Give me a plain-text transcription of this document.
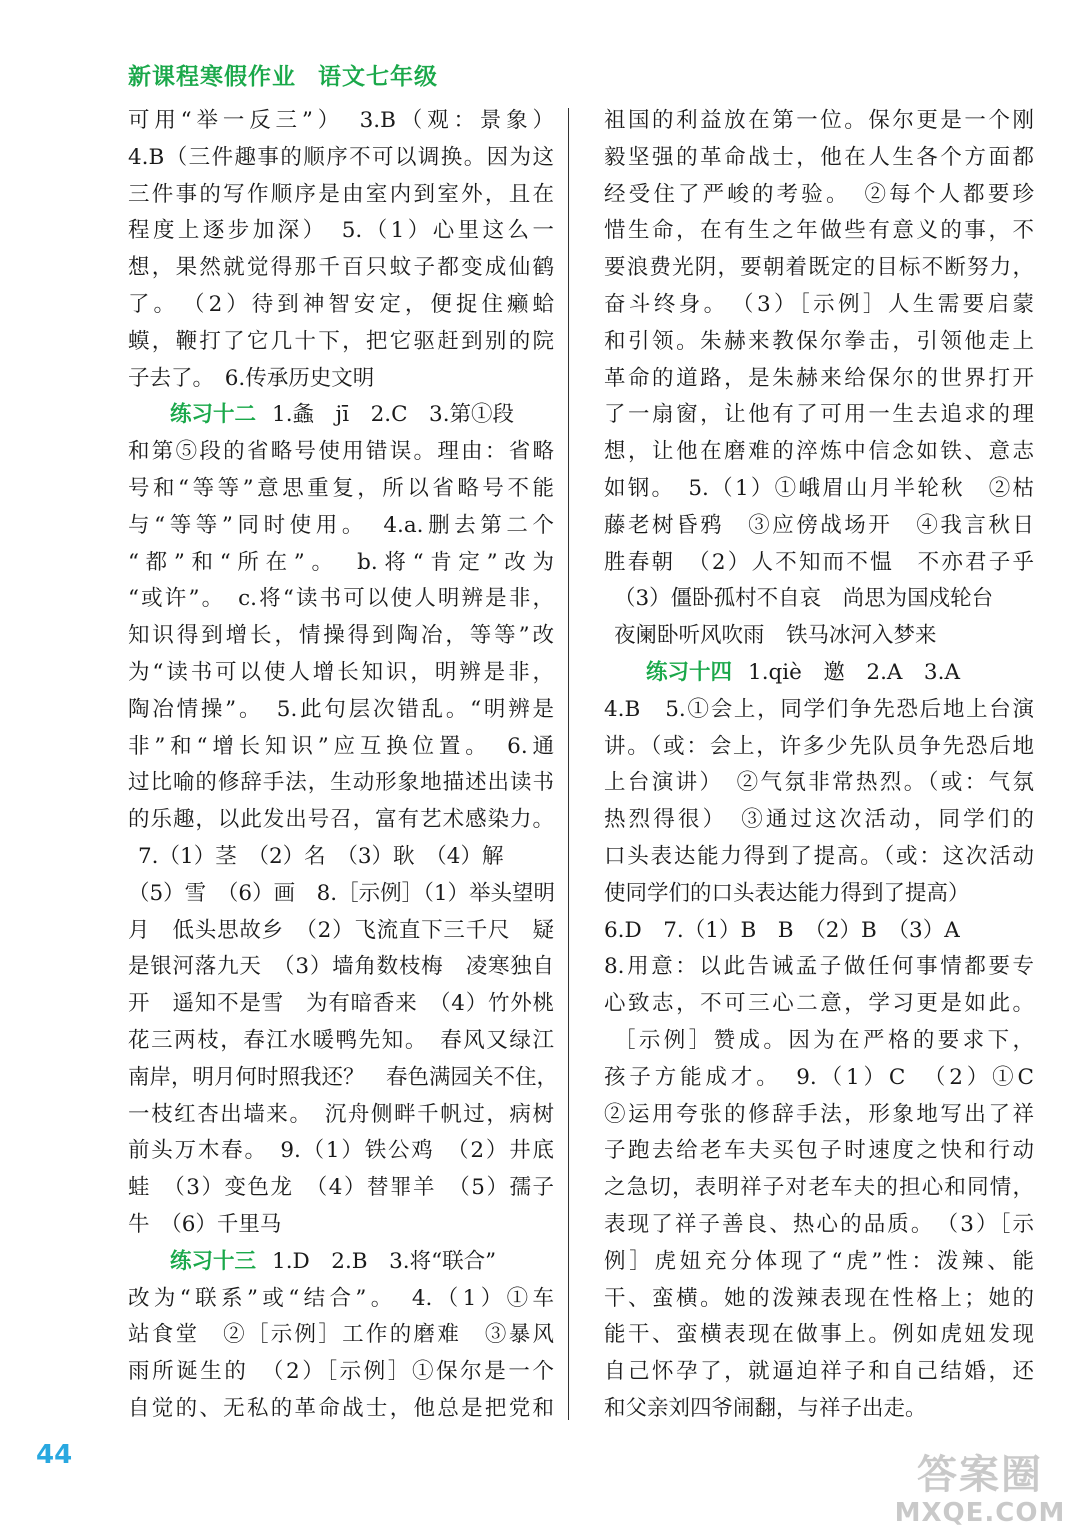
新课程寒假作业 语文七年级
可用“举一反三”）　3.B（观：景象）
4.B（三件趣事的顺序不可以调换。因为这
三件事的写作顺序是由室内到室外，且在
程度上逐步加深）　5.（1）心里这么一
想，果然就觉得那千百只蚊子都变成仙鹤
了。　（2）待到神智安定，便捉住癞蛤
蟆，鞭打了它几十下，把它驱赶到别的院
子去了。　6.传承历史文明
练习十二 1.螽　jī　2.C　3.第①段
和第⑤段的省略号使用错误。理由：省略
号和“等等”意思重复，所以省略号不能
与“等等”同时使用。　4.a.删去第二个
“都”和“所在”。　b.将“肯定”改为
“或许”。　c.将“读书可以使人明辨是非，
知识得到增长，情操得到陶冶，等等”改
为“读书可以使人增长知识，明辨是非，
陶冶情操”。　5.此句层次错乱。“明辨是
非”和“增长知识”应互换位置。　6.通
过比喻的修辞手法，生动形象地描述出读书
的乐趣，以此发出号召，富有艺术感染力。
7.（1）茎　（2）名　（3）耿　（4）解
（5）雪　（6）画　8.［示例］（1）举头望明
月　低头思故乡　（2）飞流直下三千尺　疑
是银河落九天　（3）墙角数枝梅　凌寒独自
开　遥知不是雪　为有暗香来　（4）竹外桃
花三两枝，春江水暖鸭先知。　春风又绿江
南岸，明月何时照我还？　春色满园关不住，
一枝红杏出墙来。　沉舟侧畔千帆过，病树
前头万木春。　9.（1）铁公鸡　（2）井底
蛙　（3）变色龙　（4）替罪羊　（5）孺子
牛　（6）千里马
练习十三 1.D　2.B　3.将“联合”
改为“联系”或“结合”。　4.（1）①车
站食堂　②［示例］工作的磨难　③暴风
雨所诞生的　（2）［示例］①保尔是一个
自觉的、无私的革命战士，他总是把党和
祖国的利益放在第一位。保尔更是一个刚
毅坚强的革命战士，他在人生各个方面都
经受住了严峻的考验。　②每个人都要珍
惜生命，在有生之年做些有意义的事，不
要浪费光阴，要朝着既定的目标不断努力，
奋斗终身。　（3）［示例］人生需要启蒙
和引领。朱赫来教保尔拳击，引领他走上
革命的道路，是朱赫来给保尔的世界打开
了一扇窗，让他有了可用一生去追求的理
想，让他在磨难的淬炼中信念如铁、意志
如钢。　5.（1）①峨眉山月半轮秋　②枯
藤老树昏鸦　③应傍战场开　④我言秋日
胜春朝　（2）人不知而不愠　不亦君子乎
（3）僵卧孤村不自哀　尚思为国戍轮台
夜阑卧听风吹雨　铁马冰河入梦来
练习十四 1.qiè　邀　2.A　3.A
4.B　5.①会上，同学们争先恐后地上台演
讲。（或：会上，许多少先队员争先恐后地
上台演讲）　②气氛非常热烈。（或：气氛
热烈得很）　③通过这次活动，同学们的
口头表达能力得到了提高。（或：这次活动
使同学们的口头表达能力得到了提高）
6.D　7.（1）B　B　（2）B　（3）A
8.用意：以此告诫孟子做任何事情都要专
心致志，不可三心二意，学习更是如此。
［示例］赞成。因为在严格的要求下，
孩子方能成才。　9.（1）C　（2）①C
②运用夸张的修辞手法，形象地写出了祥
子跑去给老车夫买包子时速度之快和行动
之急切，表明祥子对老车夫的担心和同情，
表现了祥子善良、热心的品质。　（3）［示
例］虎妞充分体现了“虎”性：泼辣、能
干、蛮横。她的泼辣表现在性格上；她的
能干、蛮横表现在做事上。例如虎妞发现
自己怀孕了，就逼迫祥子和自己结婚，还
和父亲刘四爷闹翻，与祥子出走。
44	答案圈
MXQE.COM
